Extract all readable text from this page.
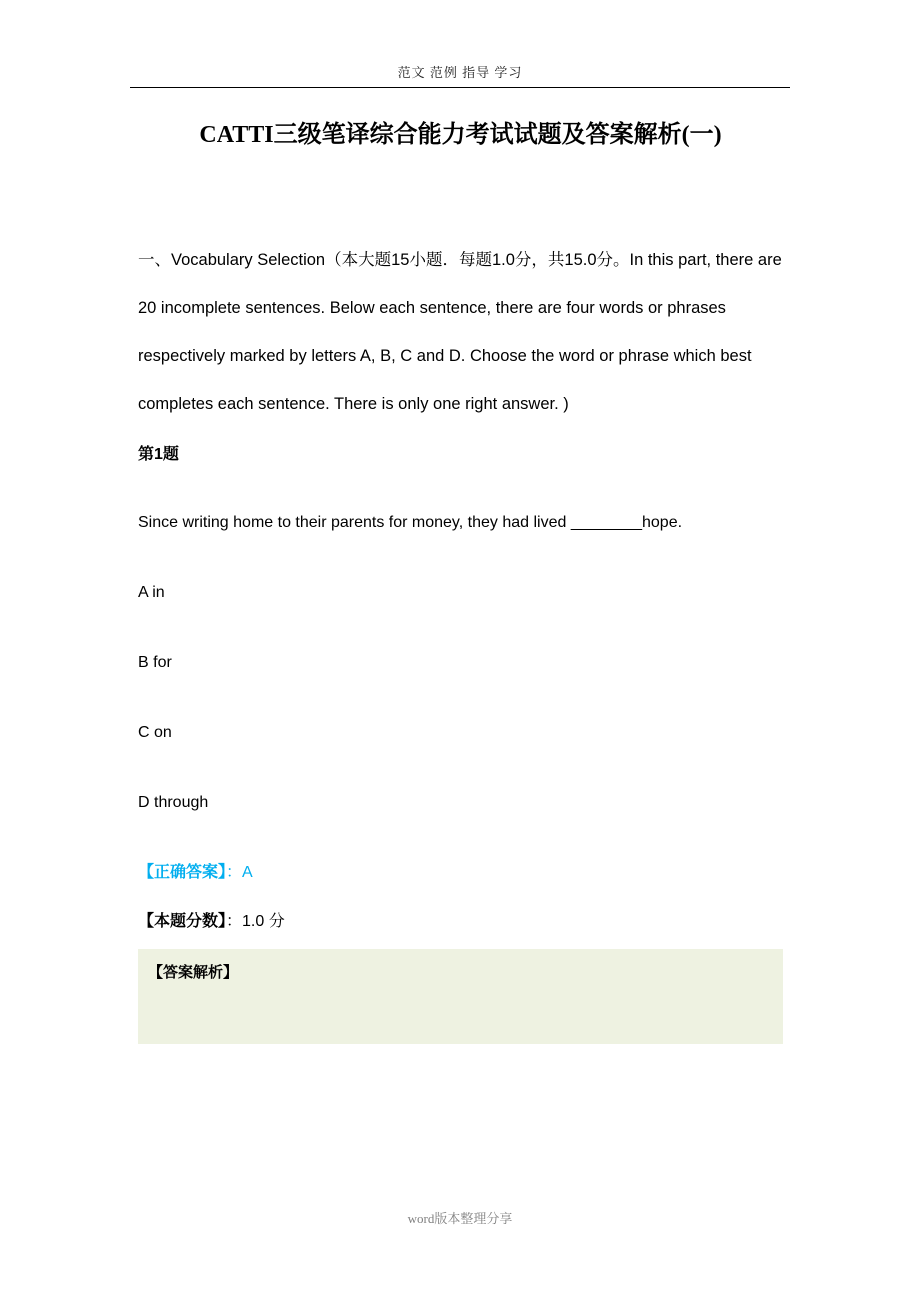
范文 范例 指导 学习
CATTI三级笔译综合能力考试试题及答案解析(一)

一、Vocabulary Selection（本大题15小题．每题1.0分，共15.0分。In this part, there are 20 incomplete sentences. Below each sentence, there are four words or phrases respectively marked by letters A, B, C and D. Choose the word or phrase which best completes each sentence. There is only one right answer. )

第1题

Since writing home to their parents for money, they had lived ________hope.

A in
B for
C on
D through
【正确答案】：A
【本题分数】：1.0 分
【答案解析】
word版本整理分享
